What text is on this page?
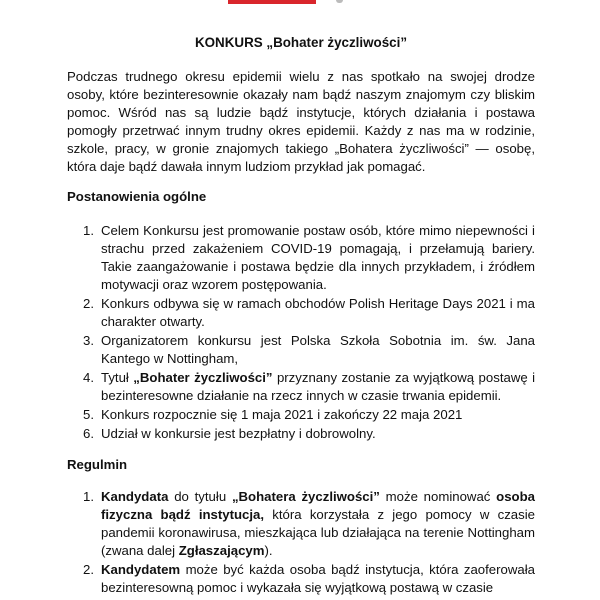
KONKURS „Bohater życzliwości”

Podczas trudnego okresu epidemii wielu z nas spotkało na swojej drodze osoby, które bezinteresownie okazały nam bądź naszym znajomym czy bliskim pomoc. Wśród nas są ludzie bądź instytucje, których działania i postawa pomogły przetrwać innym trudny okres epidemii. Każdy z nas ma w rodzinie, szkole, pracy, w gronie znajomych takiego „Bohatera życzliwości” — osobę, która daje bądź dawała innym ludziom przykład jak pomagać.

Postanowienia ogólne

1. Celem Konkursu jest promowanie postaw osób, które mimo niepewności i strachu przed zakażeniem COVID-19 pomagają, i przełamują bariery. Takie zaangażowanie i postawa będzie dla innych przykładem, i źródłem motywacji oraz wzorem postępowania.
2. Konkurs odbywa się w ramach obchodów Polish Heritage Days 2021 i ma charakter otwarty.
3. Organizatorem konkursu jest Polska Szkoła Sobotnia im. św. Jana Kantego w Nottingham,
4. Tytuł „Bohater życzliwości” przyznany zostanie za wyjątkową postawę i bezinteresowne działanie na rzecz innych w czasie trwania epidemii.
5. Konkurs rozpocznie się 1 maja 2021 i zakończy 22 maja 2021
6. Udział w konkursie jest bezpłatny i dobrowolny.

Regulmin

1. Kandydata do tytułu „Bohatera życzliwości” może nominować osoba fizyczna bądź instytucja, która korzystała z jego pomocy w czasie pandemii koronawirusa, mieszkająca lub działająca na terenie Nottingham (zwana dalej Zgłaszającym).
2. Kandydatem może być każda osoba bądź instytucja, która zaoferowała bezinteresowną pomoc i wykazała się wyjątkową postawą w czasie
